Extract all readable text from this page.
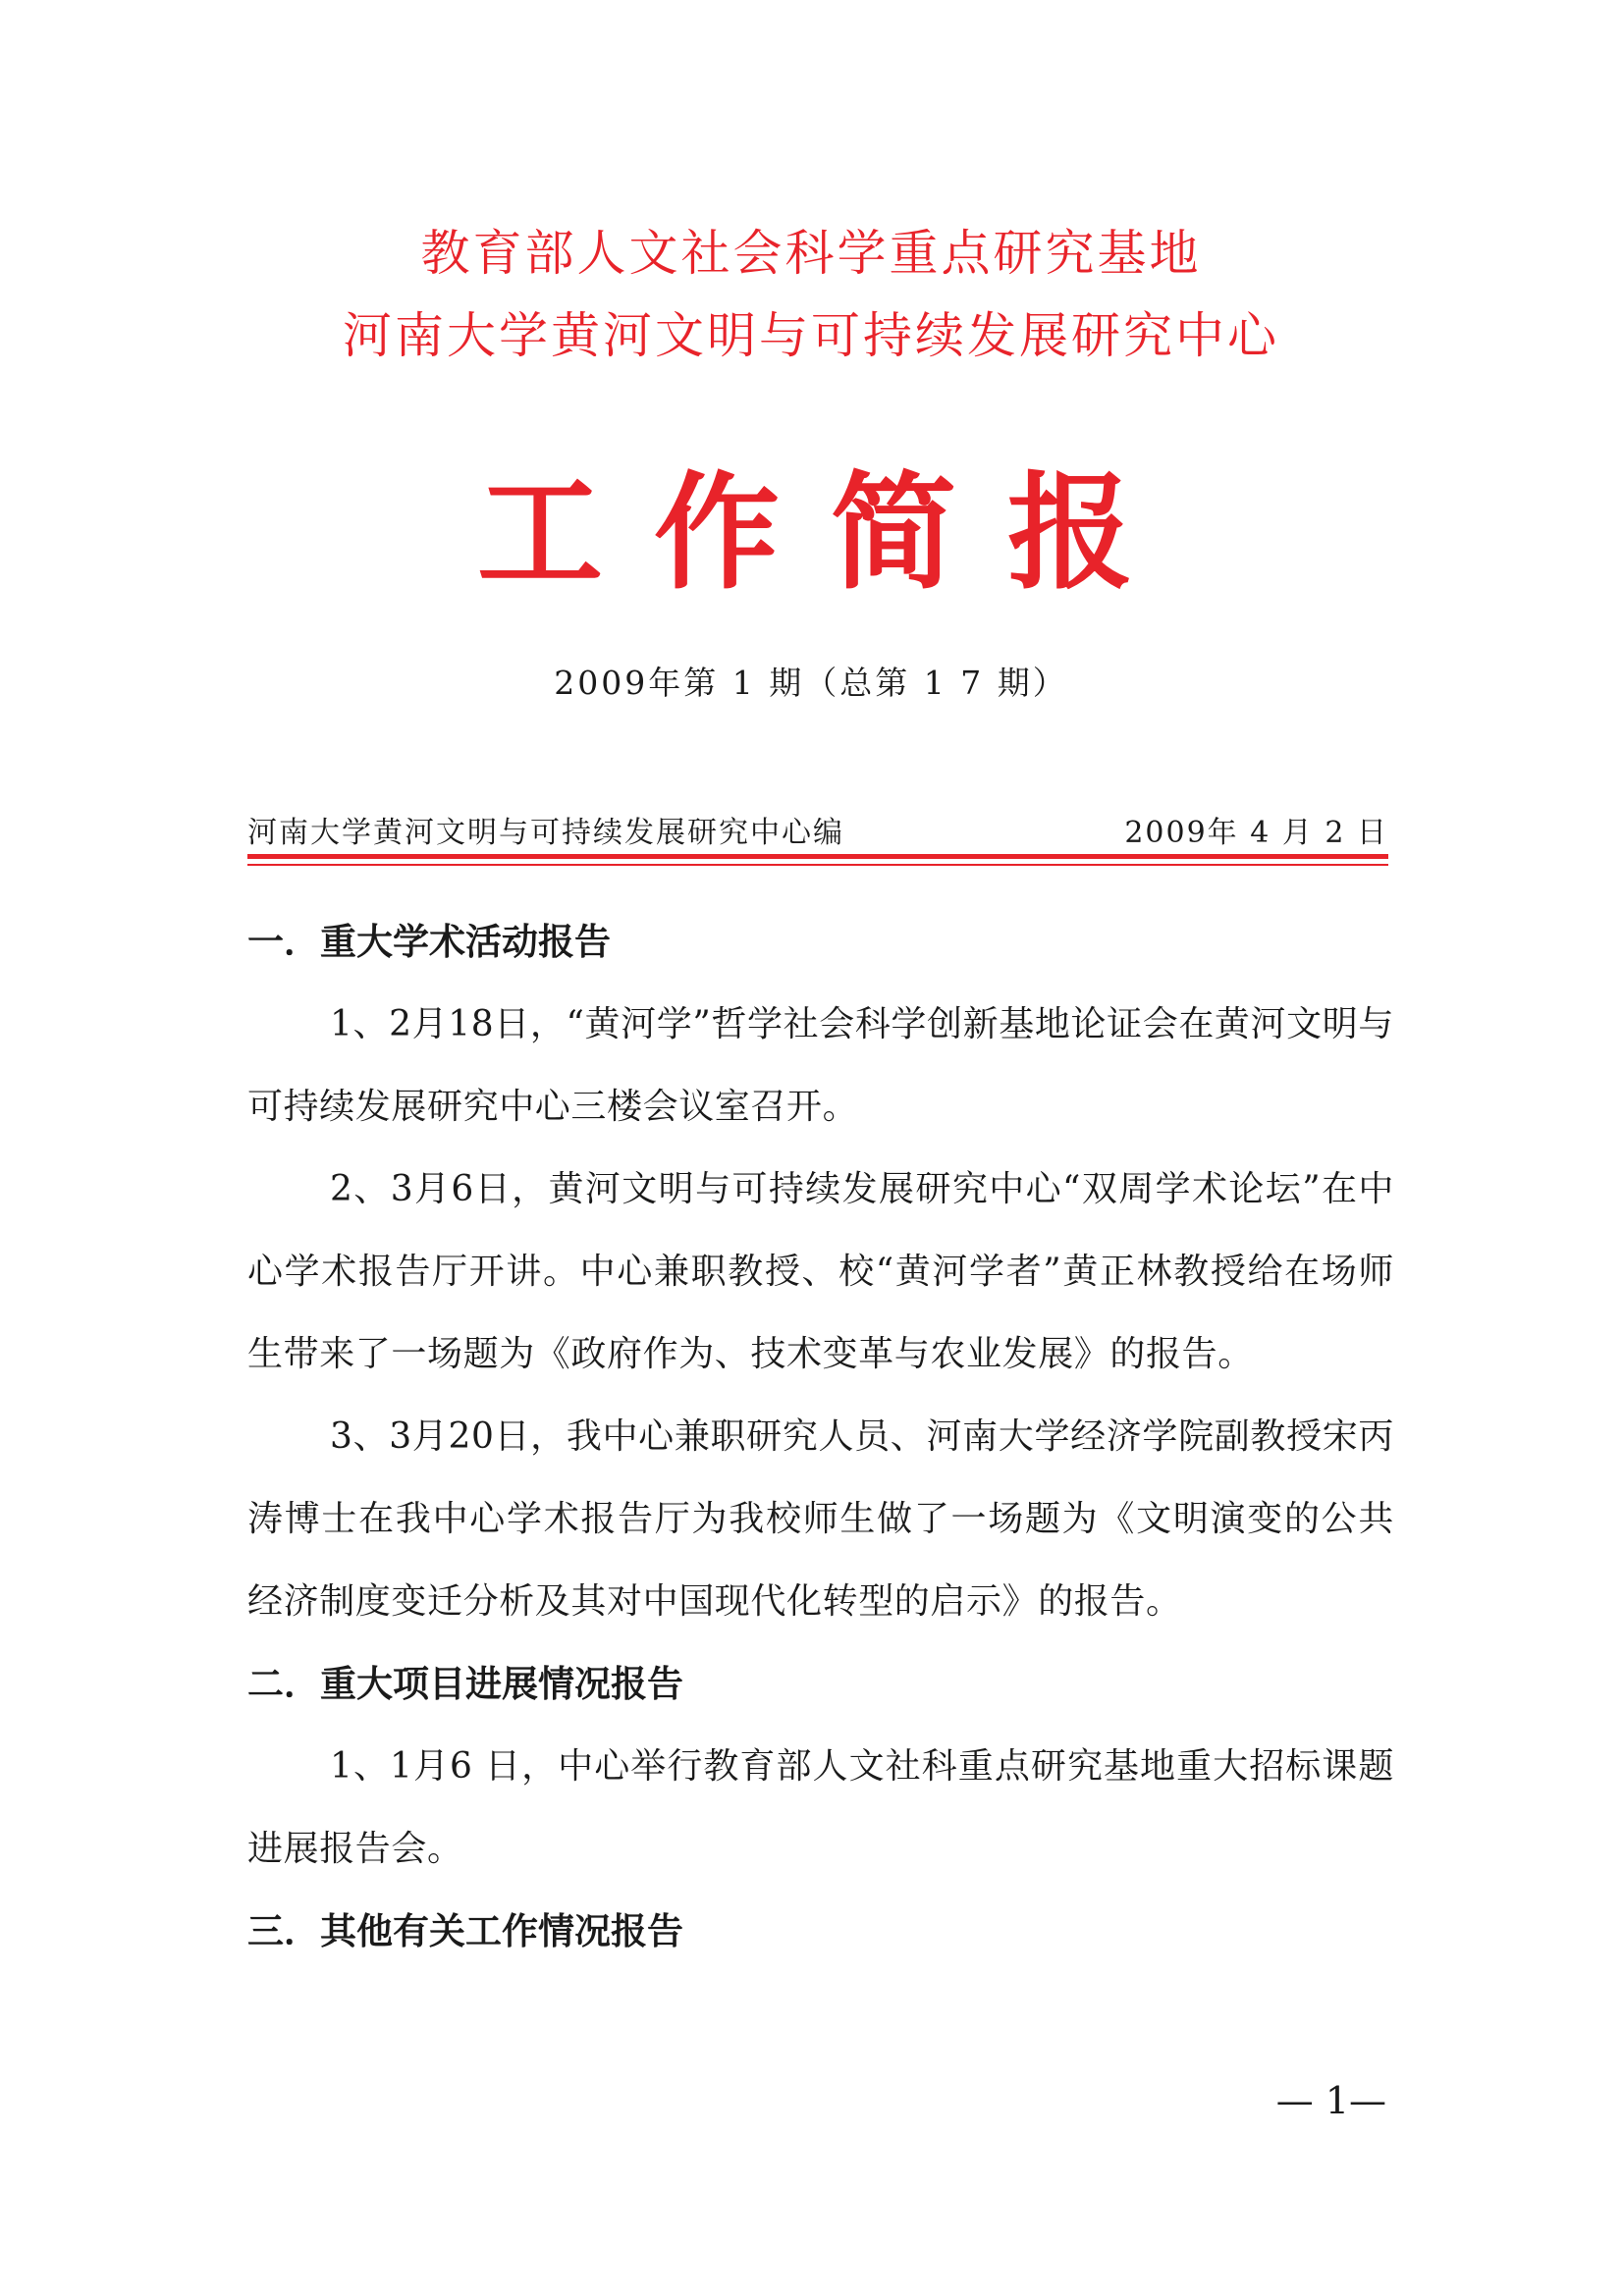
教育部人文社会科学重点研究基地
河南大学黄河文明与可持续发展研究中心
工作简报
2009年第 1 期（总第 1 7 期）
河南大学黄河文明与可持续发展研究中心编	2009年 4 月 2 日
一．重大学术活动报告

1、2月18日，“黄河学”哲学社会科学创新基地论证会在黄河文明与可持续发展研究中心三楼会议室召开。

2、3月6日，黄河文明与可持续发展研究中心“双周学术论坛”在中心学术报告厅开讲。中心兼职教授、校“黄河学者”黄正林教授给在场师生带来了一场题为《政府作为、技术变革与农业发展》的报告。

3、3月20日，我中心兼职研究人员、河南大学经济学院副教授宋丙涛博士在我中心学术报告厅为我校师生做了一场题为《文明演变的公共经济制度变迁分析及其对中国现代化转型的启示》的报告。

二．重大项目进展情况报告

1、1月6 日，中心举行教育部人文社科重点研究基地重大招标课题进展报告会。

三．其他有关工作情况报告
— 1—
